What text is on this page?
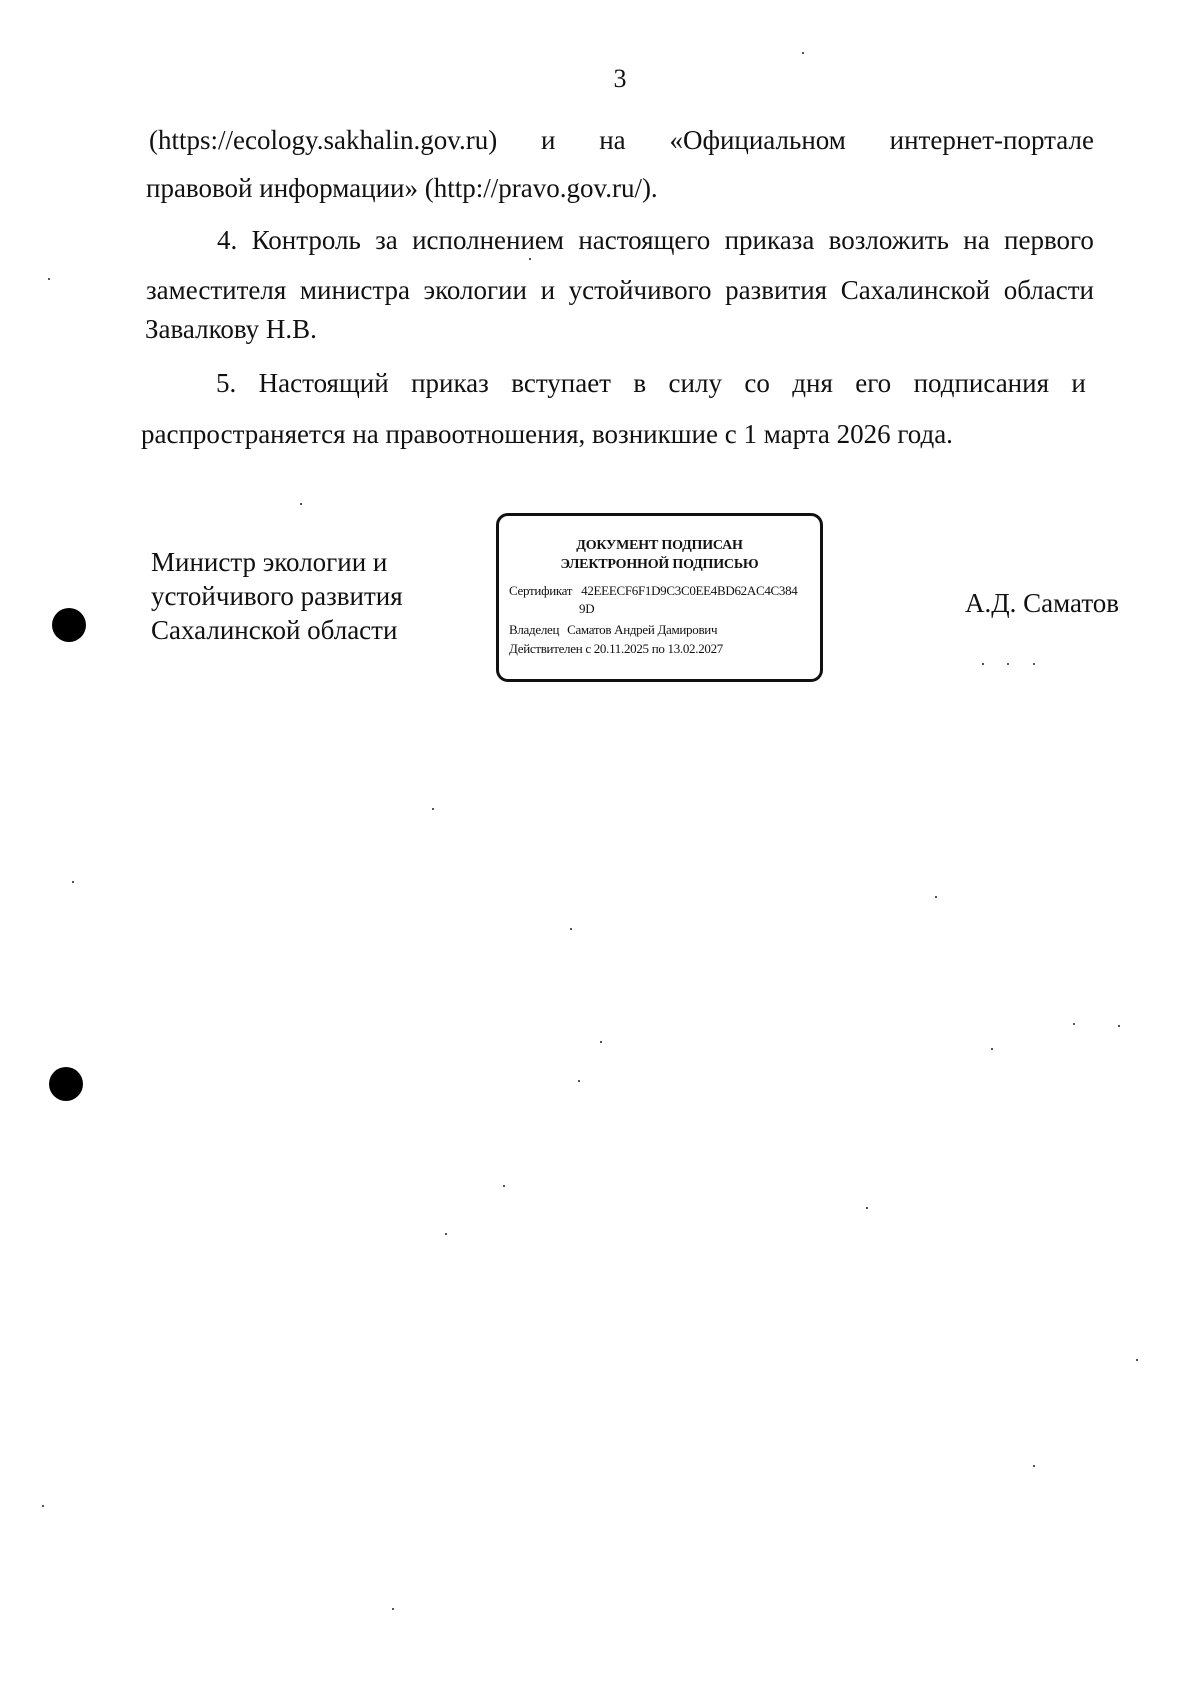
3
(https://ecology.sakhalin.gov.ru) и на «Официальном интернет-портале
правовой информации» (http://pravo.gov.ru/).
4. Контроль за исполнением настоящего приказа возложить на первого
заместителя министра экологии и устойчивого развития Сахалинской области
Завалкову Н.В.
5. Настоящий приказ вступает в силу со дня его подписания и
распространяется на правоотношения, возникшие с 1 марта 2026 года.
Министр экологии и
устойчивого развития
Сахалинской области
ДОКУМЕНТ ПОДПИСАН
ЭЛЕКТРОННОЙ ПОДПИСЬЮ
Сертификат 42EEECF6F1D9C3C0EE4BD62AC4C384
9D
Владелец Саматов Андрей Дамирович
Действителен с 20.11.2025 по 13.02.2027
А.Д. Саматов
